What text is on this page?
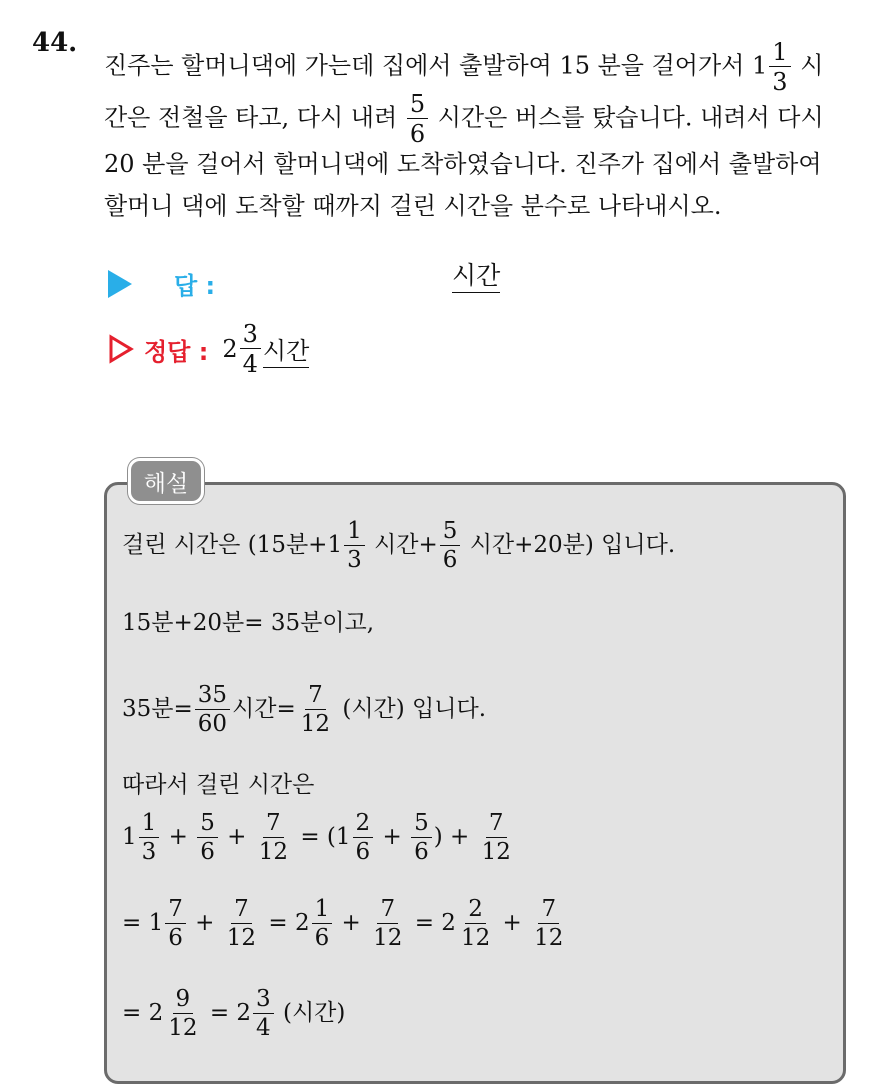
44.
진주는 할머니댁에 가는데 집에서 출발하여 15 분을 걸어가서 $1 \frac{1}{3}$ 시
간은 전철을 타고, 다시 내려 $\frac{5}{6}$ 시간은 버스를 탔습니다. 내려서 다시
20 분을 걸어서 할머니댁에 도착하였습니다. 진주가 집에서 출발하여
할머니 댁에 도착할 때까지 걸린 시간을 분수로 나타내시오.
답 :	시간
정답 : $2 \frac{3}{4}$ 시간
해설
걸린 시간은 (15분$+1 \frac{1}{3}$ 시간+ $\frac{5}{6}$ 시간+20분) 입니다.
15분+20분= 35분이고,
35분= $\frac{35}{60}$ 시간= $\frac{7}{12}$ (시간) 입니다.
따라서 걸린 시간은
$1 \frac{1}{3} + \frac{5}{6} + \frac{7}{12} = (1 \frac{2}{6} + \frac{5}{6}$ ) + $\frac{7}{12}$
= $1 \frac{7}{6} + \frac{7}{12} = 2 \frac{1}{6} + \frac{7}{12} = 2 \frac{2}{12} + \frac{7}{12}$
= $2 \frac{9}{12} = 2 \frac{3}{4}$ (시간)
